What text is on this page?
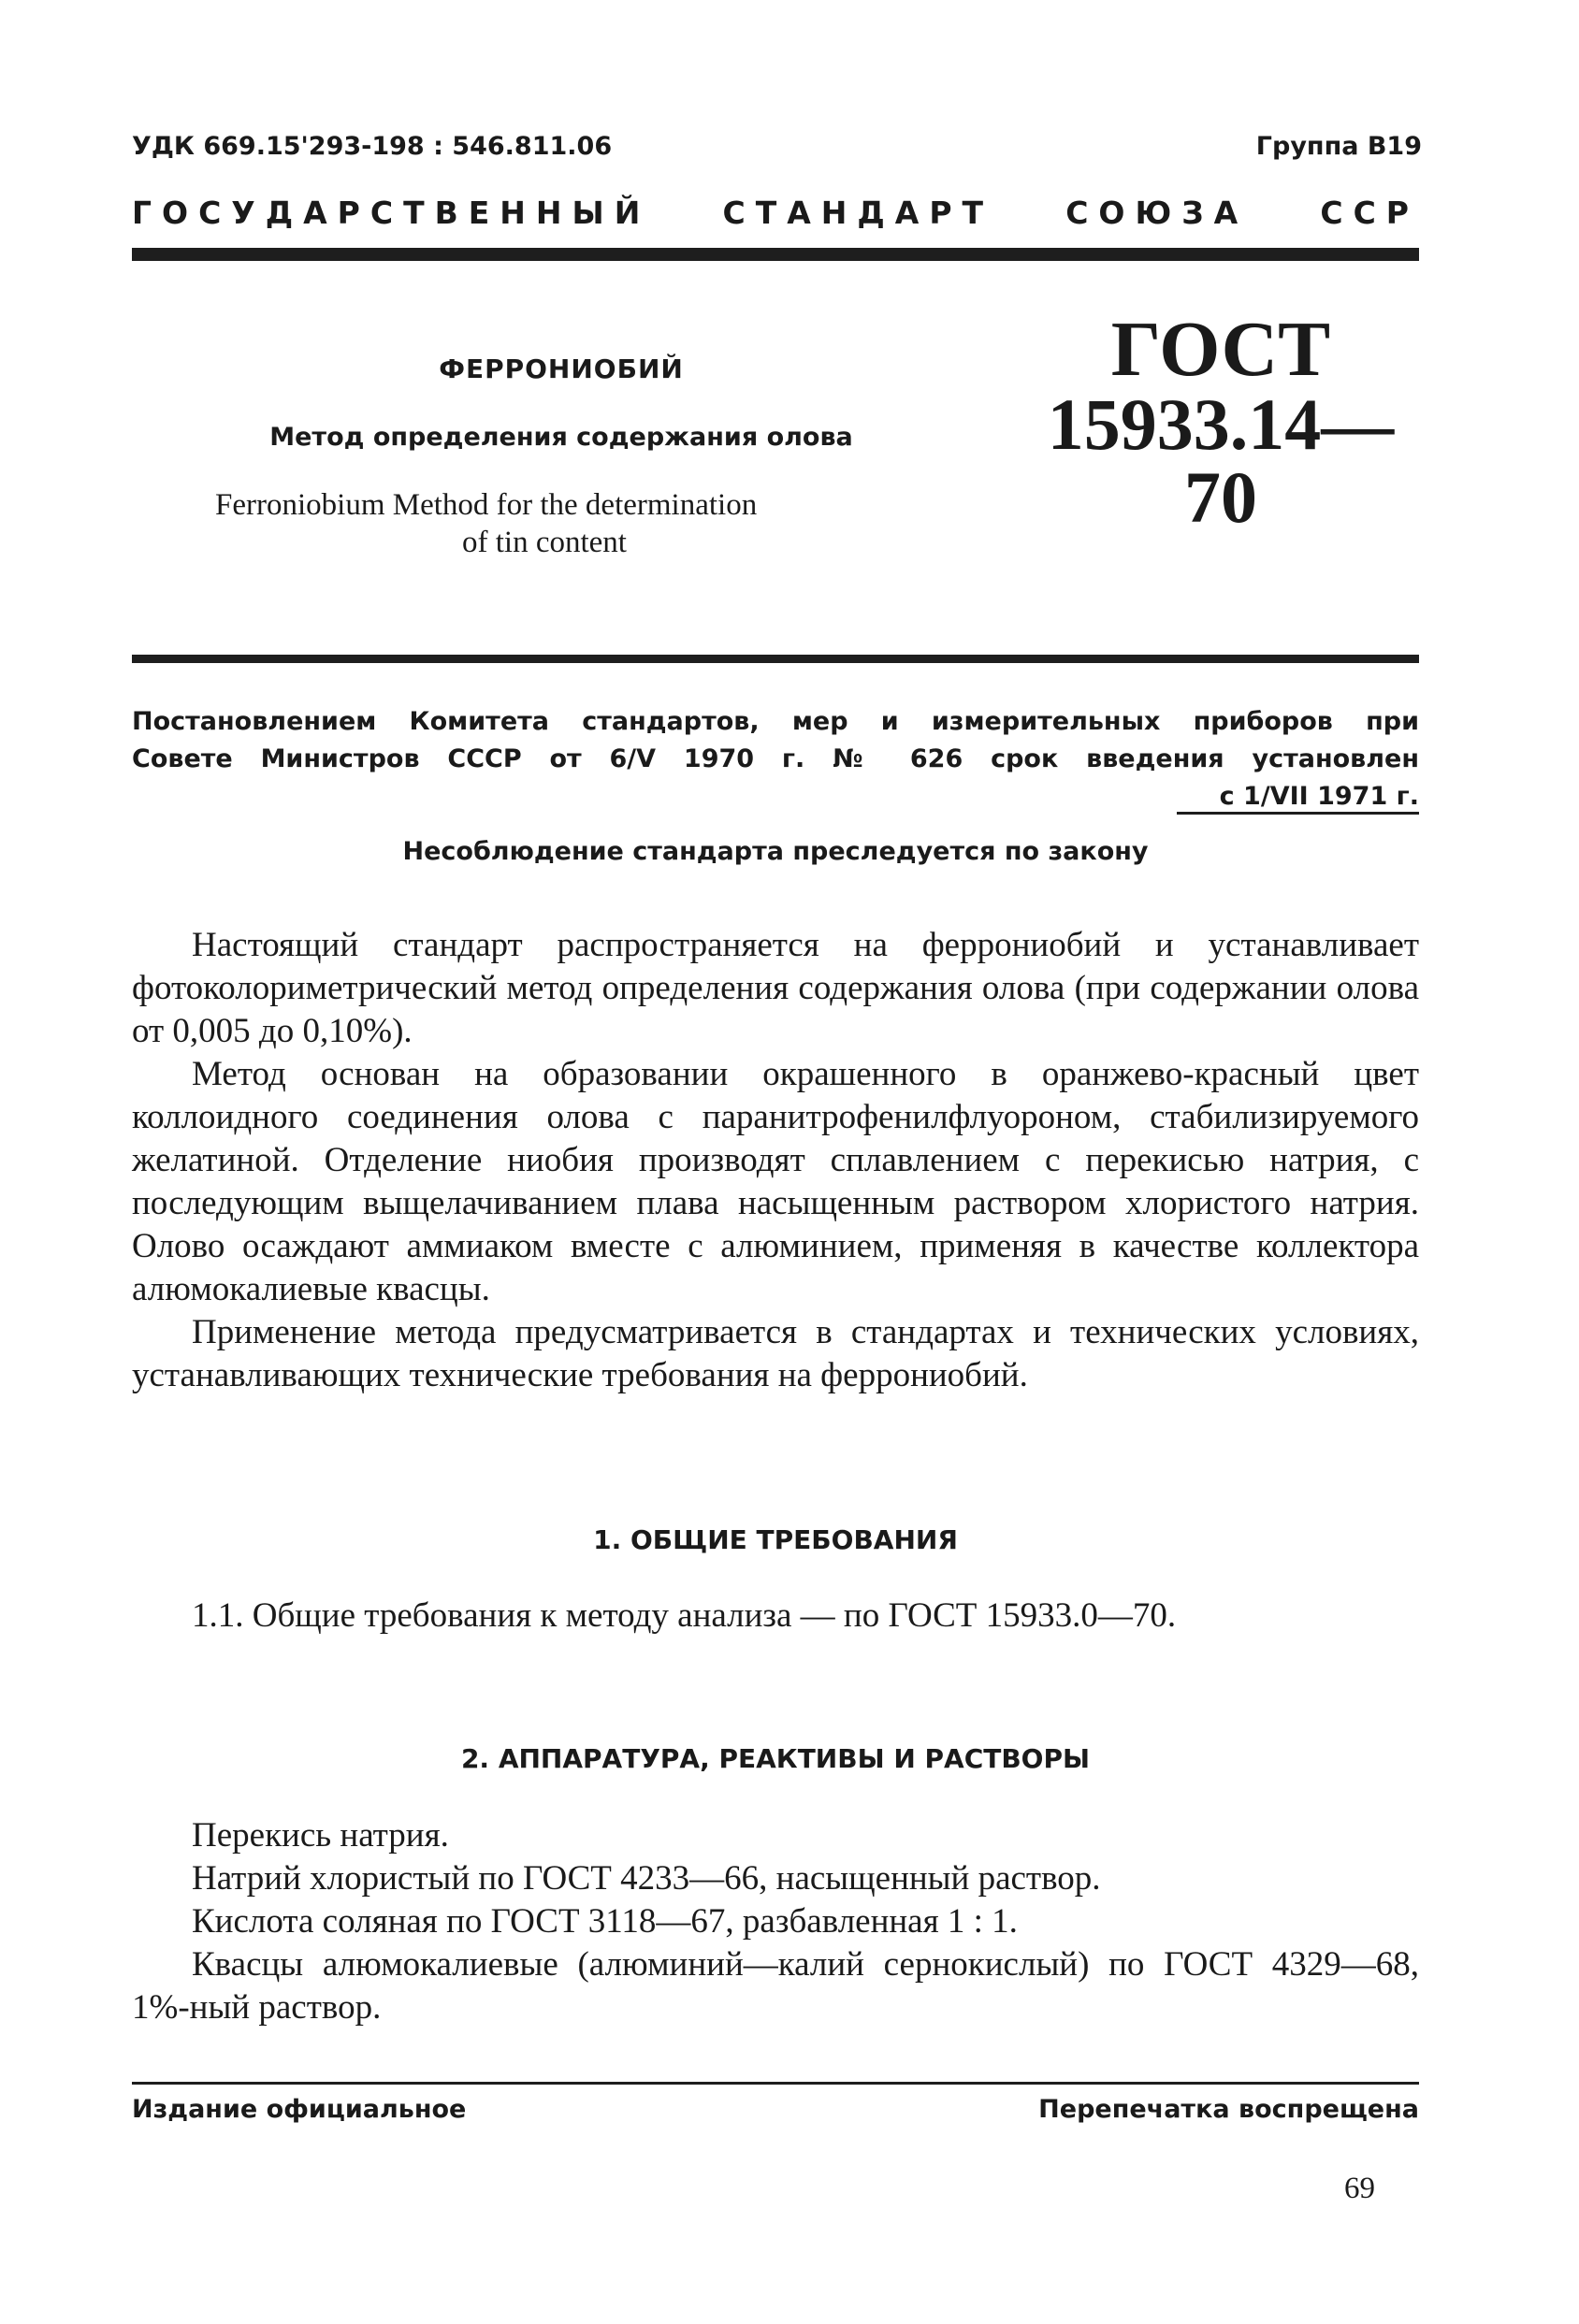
УДК 669.15'293-198 : 546.811.06	Группа В19
ГОСУДАРСТВЕННЫЙ СТАНДАРТ СОЮЗА ССР
ФЕРРОНИОБИЙ
Метод определения содержания олова
Ferroniobium Method for the determination
of tin content
ГОСТ
15933.14—70
Постановлением Комитета стандартов, мер и измерительных приборов при
Совете Министров СССР от 6/V 1970 г. № 626 срок введения установлен
с 1/VII 1971 г.
Несоблюдение стандарта преследуется по закону

Настоящий стандарт распространяется на феррониобий и устанавливает фотоколориметрический метод определения содержания олова (при содержании олова от 0,005 до 0,10%).

Метод основан на образовании окрашенного в оранжево-красный цвет коллоидного соединения олова с паранитрофенилфлуороном, стабилизируемого желатиной. Отделение ниобия производят сплавлением с перекисью натрия, с последующим выщелачиванием плава насыщенным раствором хлористого натрия. Олово осаждают аммиаком вместе с алюминием, применяя в качестве коллектора алюмокалиевые квасцы.

Применение метода предусматривается в стандартах и технических условиях, устанавливающих технические требования на феррониобий.

1. ОБЩИЕ ТРЕБОВАНИЯ

1.1. Общие требования к методу анализа — по ГОСТ 15933.0—70.

2. АППАРАТУРА, РЕАКТИВЫ И РАСТВОРЫ

Перекись натрия.

Натрий хлористый по ГОСТ 4233—66, насыщенный раствор.

Кислота соляная по ГОСТ 3118—67, разбавленная 1 : 1.

Квасцы алюмокалиевые (алюминий—калий сернокислый) по ГОСТ 4329—68, 1%-ный раствор.

Издание официальное	Перепечатка воспрещена
69
